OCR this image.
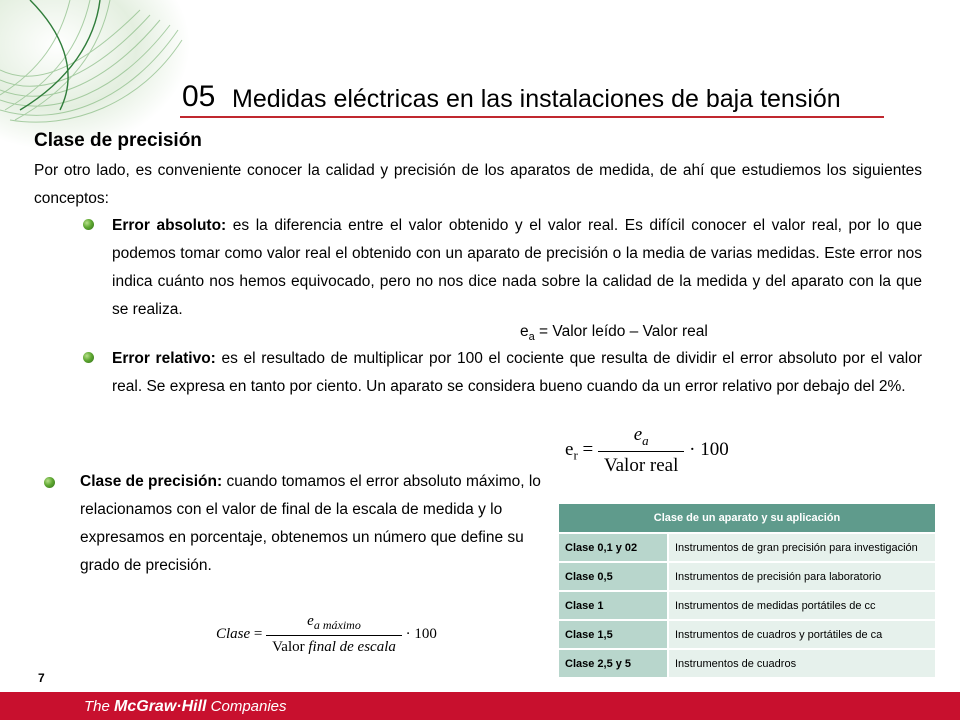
05 Medidas eléctricas en las instalaciones de baja tensión
Clase de precisión
Por otro lado, es conveniente conocer la calidad y precisión de los aparatos de medida, de ahí que estudiemos los siguientes conceptos:
Error absoluto: es la diferencia entre el valor obtenido y el valor real. Es difícil conocer el valor real, por lo que podemos tomar como valor real el obtenido con un aparato de precisión o la media de varias medidas. Este error nos indica cuánto nos hemos equivocado, pero no nos dice nada sobre la calidad de la medida y del aparato con la que se realiza.
$e_a$ = Valor leído – Valor real
Error relativo: es el resultado de multiplicar por 100 el cociente que resulta de dividir el error absoluto por el valor real. Se expresa en tanto por ciento. Un aparato se considera bueno cuando da un error relativo por debajo del 2%.
$e_r = \frac{e_a}{\text{Valor real}} \cdot 100$
Clase de precisión: cuando tomamos el error absoluto máximo, lo relacionamos con el valor de final de la escala de medida y lo expresamos en porcentaje, obtenemos un número que define su grado de precisión.
Clase = $\frac{e_{a máximo}}{\text{Valor final de escala}} \cdot 100$
Clase de un aparato y su aplicación	
Clase 0,1 y 02	Instrumentos de gran precisión para investigación
Clase 0,5	Instrumentos de precisión para laboratorio
Clase 1	Instrumentos de medidas portátiles de cc
Clase 1,5	Instrumentos de cuadros y portátiles de ca
Clase 2,5 y 5	Instrumentos de cuadros
7
The McGraw·Hill Companies
